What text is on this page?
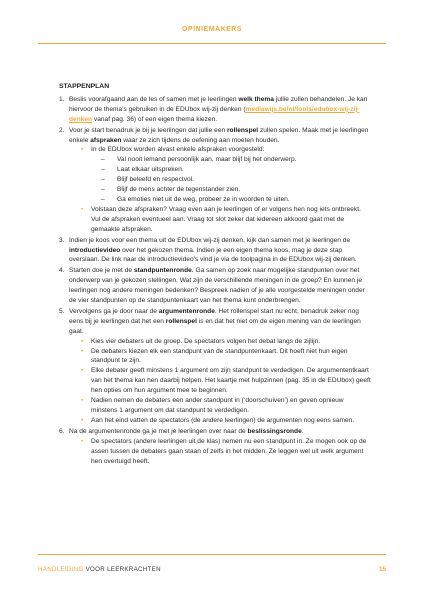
OPINIEMAKERS
STAPPENPLAN
1. Beslis voorafgaand aan de les of samen met je leerlingen welk thema jullie zullen behandelen. Je kan hiervoor de thema’s gebruiken in de EDUbox wij-zij denken (mediawijs.be/nl/tools/edubox-wij-zij-denken vanaf pag. 36) of een eigen thema kiezen.
2. Voor je start benadruk je bij je leerlingen dat jullie een rollenspel zullen spelen. Maak met je leerlingen enkele afspraken waar ze zich tijdens de oefening aan moeten houden.
• In de EDUbox worden alvast enkele afspraken voorgesteld:
– Val nooit iemand persoonlijk aan, maar blijf bij het onderwerp.
– Laat elkaar uitspreken.
– Blijf beleefd en respectvol.
– Blijf de mens achter de tegenstander zien.
– Ga emoties niet uit de weg, probeer ze in woorden te uiten.
• Volstaan deze afspraken? Vraag even aan je leerlingen of er volgens hen nog iets ontbreekt. Vul de afspraken eventueel aan. Vraag tot slot zeker dat iedereen akkoord gaat met de gemaakte afspraken.
3. Indien je koos voor een thema uit de EDUbox wij-zij denken, kijk dan samen met je leerlingen de introductievideo over het gekozen thema. Indien je een eigen thema koos, mag je deze stap overslaan. De link naar de introductievideo’s vind je via de toolpagina in de EDUbox wij-zij denken.
4. Starten doe je met de standpuntenronde. Ga samen op zoek naar mogelijke standpunten over het onderwerp van je gekozen stellingen. Wat zijn de verschillende meningen in de groep? En kunnen je leerlingen nog andere meningen bedenken? Bespreek nadien of je alle voorgestelde meningen onder de vier standpunten op de standpuntenkaart van het thema kunt onderbrengen.
5. Vervolgens ga je door naar de argumentenronde. Het rollenspel start nu echt, benadruk zeker nog eens bij je leerlingen dat het een rollenspel is en dat het niet om de eigen mening van de leerlingen gaat.
• Kies vier debaters uit de groep. De spectators volgen het debat langs de zijlijn.
• De debaters kiezen elk een standpunt van de standpuntenkaart. Dit hoeft niet hun eigen standpunt te zijn.
• Elke debater geeft minstens 1 argument om zijn standpunt te verdedigen. De argumententkaart van het thema kan hen daarbij helpen. Het kaartje met hulpzinnen (pag. 35 in de EDUbox) geeft hen opties om hun argument mee te beginnen.
• Nadien nemen de debaters een ander standpunt in (‘doorschuiven’) en geven opnieuw minstens 1 argument om dat standpunt te verdedigen.
• Aan het eind vatten de spectators (de andere leerlingen) de argumenten nog eens samen.
6. Na de argumentenronde ga je met je leerlingen over naar de beslissingsronde.
• De spectators (andere leerlingen uit de klas) nemen nu een standpunt in. Ze mogen ook op de assen tussen de debaters gaan staan of zelfs in het midden. Ze leggen wel uit welk argument hen overtuigd heeft.
HANDLEIDING VOOR LEERKRACHTEN	15
